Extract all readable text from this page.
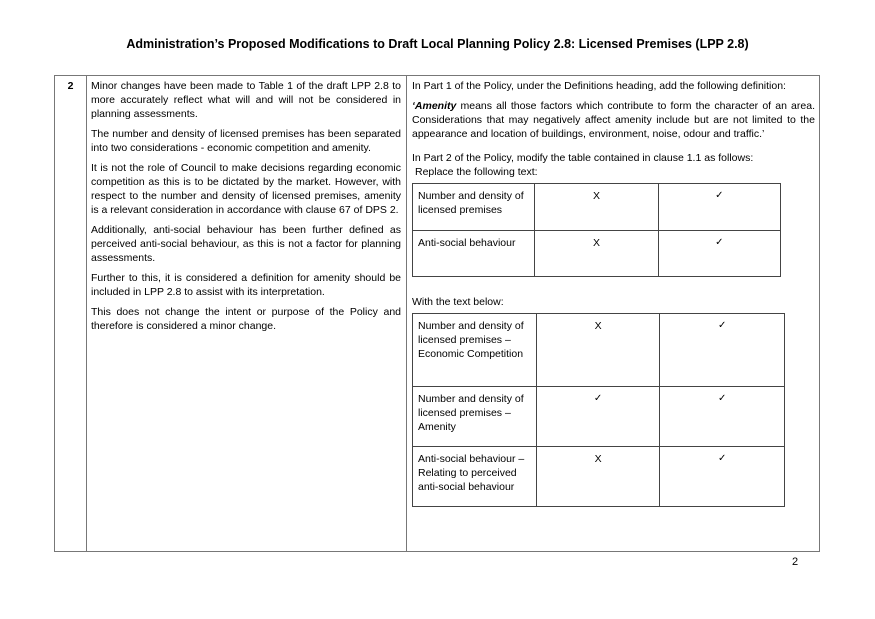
Administration’s Proposed Modifications to Draft Local Planning Policy 2.8: Licensed Premises (LPP 2.8)
2	Minor changes have been made to Table 1 of the draft LPP 2.8 to more accurately reflect what will and will not be considered in planning assessments.

The number and density of licensed premises has been separated into two considerations - economic competition and amenity.

It is not the role of Council to make decisions regarding economic competition as this is to be dictated by the market. However, with respect to the number and density of licensed premises, amenity is a relevant consideration in accordance with clause 67 of DPS 2.

Additionally, anti-social behaviour has been further defined as perceived anti-social behaviour, as this is not a factor for planning assessments.

Further to this, it is considered a definition for amenity should be included in LPP 2.8 to assist with its interpretation.

This does not change the intent or purpose of the Policy and therefore is considered a minor change.

In Part 1 of the Policy, under the Definitions heading, add the following definition:

‘Amenity means all those factors which contribute to form the character of an area. Considerations that may negatively affect amenity include but are not limited to the appearance and location of buildings, environment, noise, odour and traffic.’

In Part 2 of the Policy, modify the table contained in clause 1.1 as follows:

Replace the following text:
Number and density of licensed premises	X	✓
Anti-social behaviour	X	✓
With the text below:
Number and density of licensed premises – Economic Competition	X	✓
Number and density of licensed premises – Amenity	✓	✓
Anti-social behaviour – Relating to perceived anti-social behaviour	X	✓
2
